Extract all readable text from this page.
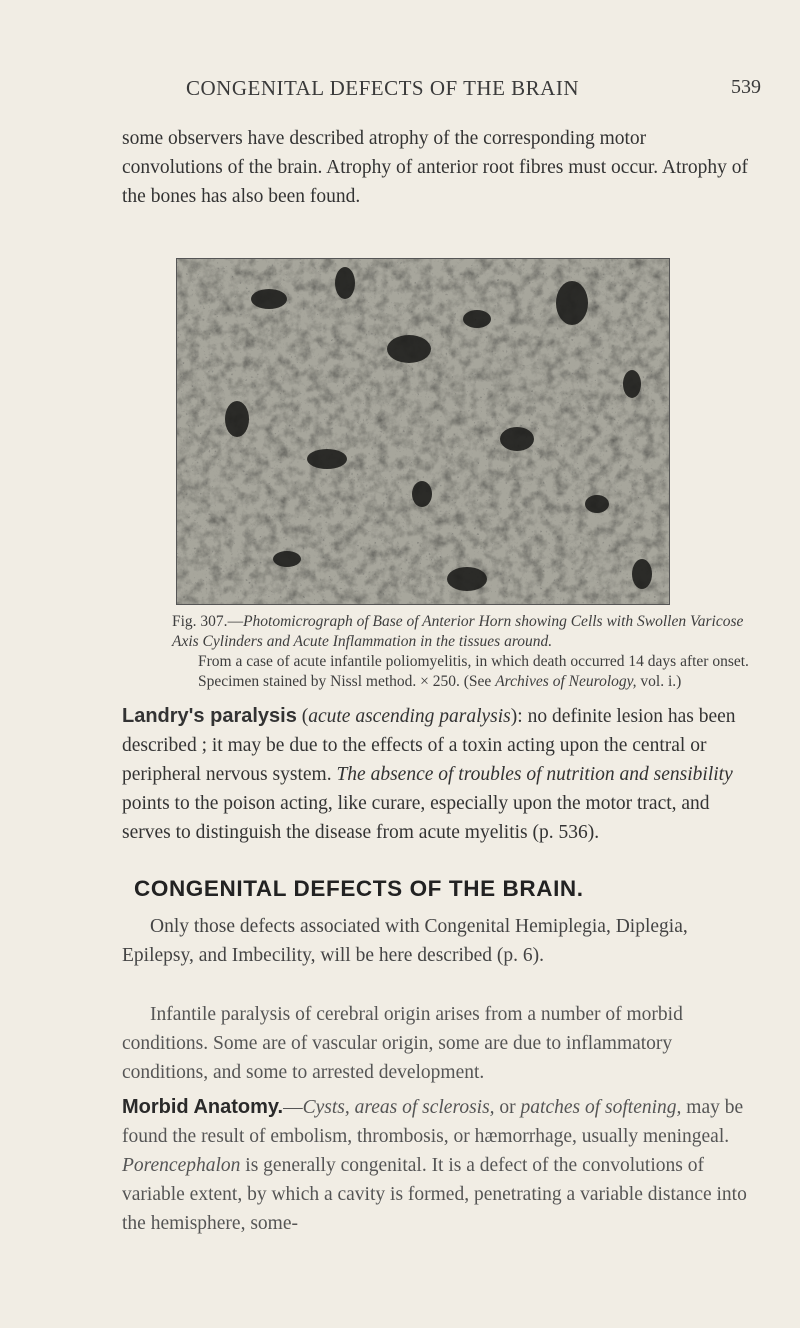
CONGENITAL DEFECTS OF THE BRAIN	539

some observers have described atrophy of the corresponding motor convolutions of the brain. Atrophy of anterior root fibres must occur. Atrophy of the bones has also been found.

Fig. 307.—Photomicrograph of Base of Anterior Horn showing Cells with Swollen Varicose Axis Cylinders and Acute Inflammation in the tissues around.
From a case of acute infantile poliomyelitis, in which death occurred 14 days after onset. Specimen stained by Nissl method. × 250. (See Archives of Neurology, vol. i.)

Landry's paralysis (acute ascending paralysis): no definite lesion has been described ; it may be due to the effects of a toxin acting upon the central or peripheral nervous system. The absence of troubles of nutrition and sensibility points to the poison acting, like curare, especially upon the motor tract, and serves to distinguish the disease from acute myelitis (p. 536).

CONGENITAL DEFECTS OF THE BRAIN.

Only those defects associated with Congenital Hemiplegia, Diplegia, Epilepsy, and Imbecility, will be here described (p. 6).

Infantile paralysis of cerebral origin arises from a number of morbid conditions. Some are of vascular origin, some are due to inflammatory conditions, and some to arrested development.

Morbid Anatomy.—Cysts, areas of sclerosis, or patches of softening, may be found the result of embolism, thrombosis, or hæmorrhage, usually meningeal. Porencephalon is generally congenital. It is a defect of the convolutions of variable extent, by which a cavity is formed, penetrating a variable distance into the hemisphere, some-
